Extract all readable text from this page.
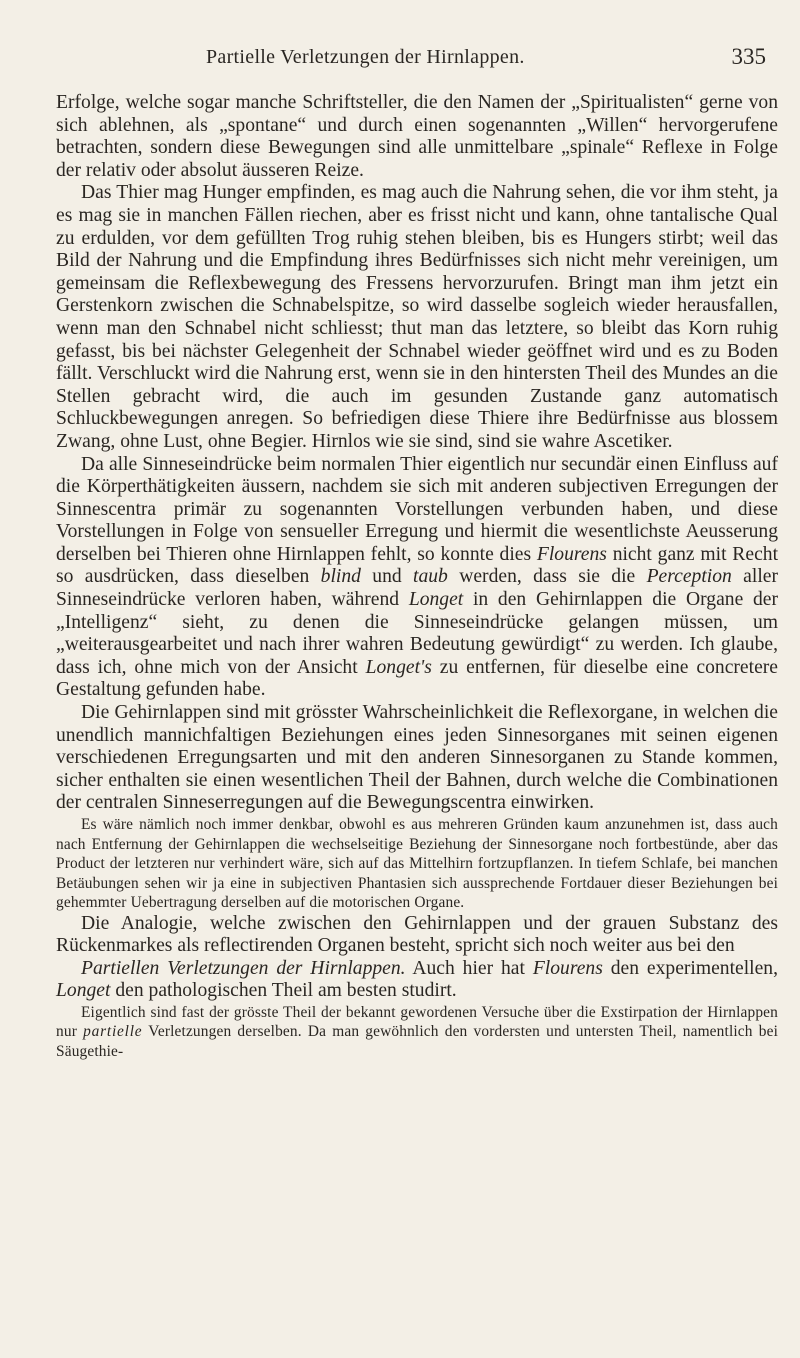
Partielle Verletzungen der Hirnlappen.	335

Erfolge, welche sogar manche Schriftsteller, die den Namen der „Spiritualisten“ gerne von sich ablehnen, als „spontane“ und durch einen sogenannten „Willen“ hervorgerufene betrachten, sondern diese Bewegungen sind alle unmittelbare „spinale“ Reflexe in Folge der relativ oder absolut äusseren Reize.

Das Thier mag Hunger empfinden, es mag auch die Nahrung sehen, die vor ihm steht, ja es mag sie in manchen Fällen riechen, aber es frisst nicht und kann, ohne tantalische Qual zu erdulden, vor dem gefüllten Trog ruhig stehen bleiben, bis es Hungers stirbt; weil das Bild der Nahrung und die Empfindung ihres Bedürfnisses sich nicht mehr vereinigen, um gemeinsam die Reflexbewegung des Fressens hervorzurufen. Bringt man ihm jetzt ein Gerstenkorn zwischen die Schnabelspitze, so wird dasselbe sogleich wieder herausfallen, wenn man den Schnabel nicht schliesst; thut man das letztere, so bleibt das Korn ruhig gefasst, bis bei nächster Gelegenheit der Schnabel wieder geöffnet wird und es zu Boden fällt. Verschluckt wird die Nahrung erst, wenn sie in den hintersten Theil des Mundes an die Stellen gebracht wird, die auch im gesunden Zustande ganz automatisch Schluckbewegungen anregen. So befriedigen diese Thiere ihre Bedürfnisse aus blossem Zwang, ohne Lust, ohne Begier. Hirnlos wie sie sind, sind sie wahre Ascetiker.

Da alle Sinneseindrücke beim normalen Thier eigentlich nur secundär einen Einfluss auf die Körperthätigkeiten äussern, nachdem sie sich mit anderen subjectiven Erregungen der Sinnescentra primär zu sogenannten Vorstellungen verbunden haben, und diese Vorstellungen in Folge von sensueller Erregung und hiermit die wesentlichste Aeusserung derselben bei Thieren ohne Hirnlappen fehlt, so konnte dies Flourens nicht ganz mit Recht so ausdrücken, dass dieselben blind und taub werden, dass sie die Perception aller Sinneseindrücke verloren haben, während Longet in den Gehirnlappen die Organe der „Intelligenz“ sieht, zu denen die Sinneseindrücke gelangen müssen, um „weiterausgearbeitet und nach ihrer wahren Bedeutung gewürdigt“ zu werden. Ich glaube, dass ich, ohne mich von der Ansicht Longet's zu entfernen, für dieselbe eine concretere Gestaltung gefunden habe.

Die Gehirnlappen sind mit grösster Wahrscheinlichkeit die Reflexorgane, in welchen die unendlich mannichfaltigen Beziehungen eines jeden Sinnesorganes mit seinen eigenen verschiedenen Erregungsarten und mit den anderen Sinnesorganen zu Stande kommen, sicher enthalten sie einen wesentlichen Theil der Bahnen, durch welche die Combinationen der centralen Sinneserregungen auf die Bewegungscentra einwirken.

Es wäre nämlich noch immer denkbar, obwohl es aus mehreren Gründen kaum anzunehmen ist, dass auch nach Entfernung der Gehirnlappen die wechselseitige Beziehung der Sinnesorgane noch fortbestünde, aber das Product der letzteren nur verhindert wäre, sich auf das Mittelhirn fortzupflanzen. In tiefem Schlafe, bei manchen Betäubungen sehen wir ja eine in subjectiven Phantasien sich aussprechende Fortdauer dieser Beziehungen bei gehemmter Uebertragung derselben auf die motorischen Organe.

Die Analogie, welche zwischen den Gehirnlappen und der grauen Substanz des Rückenmarkes als reflectirenden Organen besteht, spricht sich noch weiter aus bei den

Partiellen Verletzungen der Hirnlappen. Auch hier hat Flourens den experimentellen, Longet den pathologischen Theil am besten studirt.

Eigentlich sind fast der grösste Theil der bekannt gewordenen Versuche über die Exstirpation der Hirnlappen nur partielle Verletzungen derselben. Da man gewöhnlich den vordersten und untersten Theil, namentlich bei Säugethie-
